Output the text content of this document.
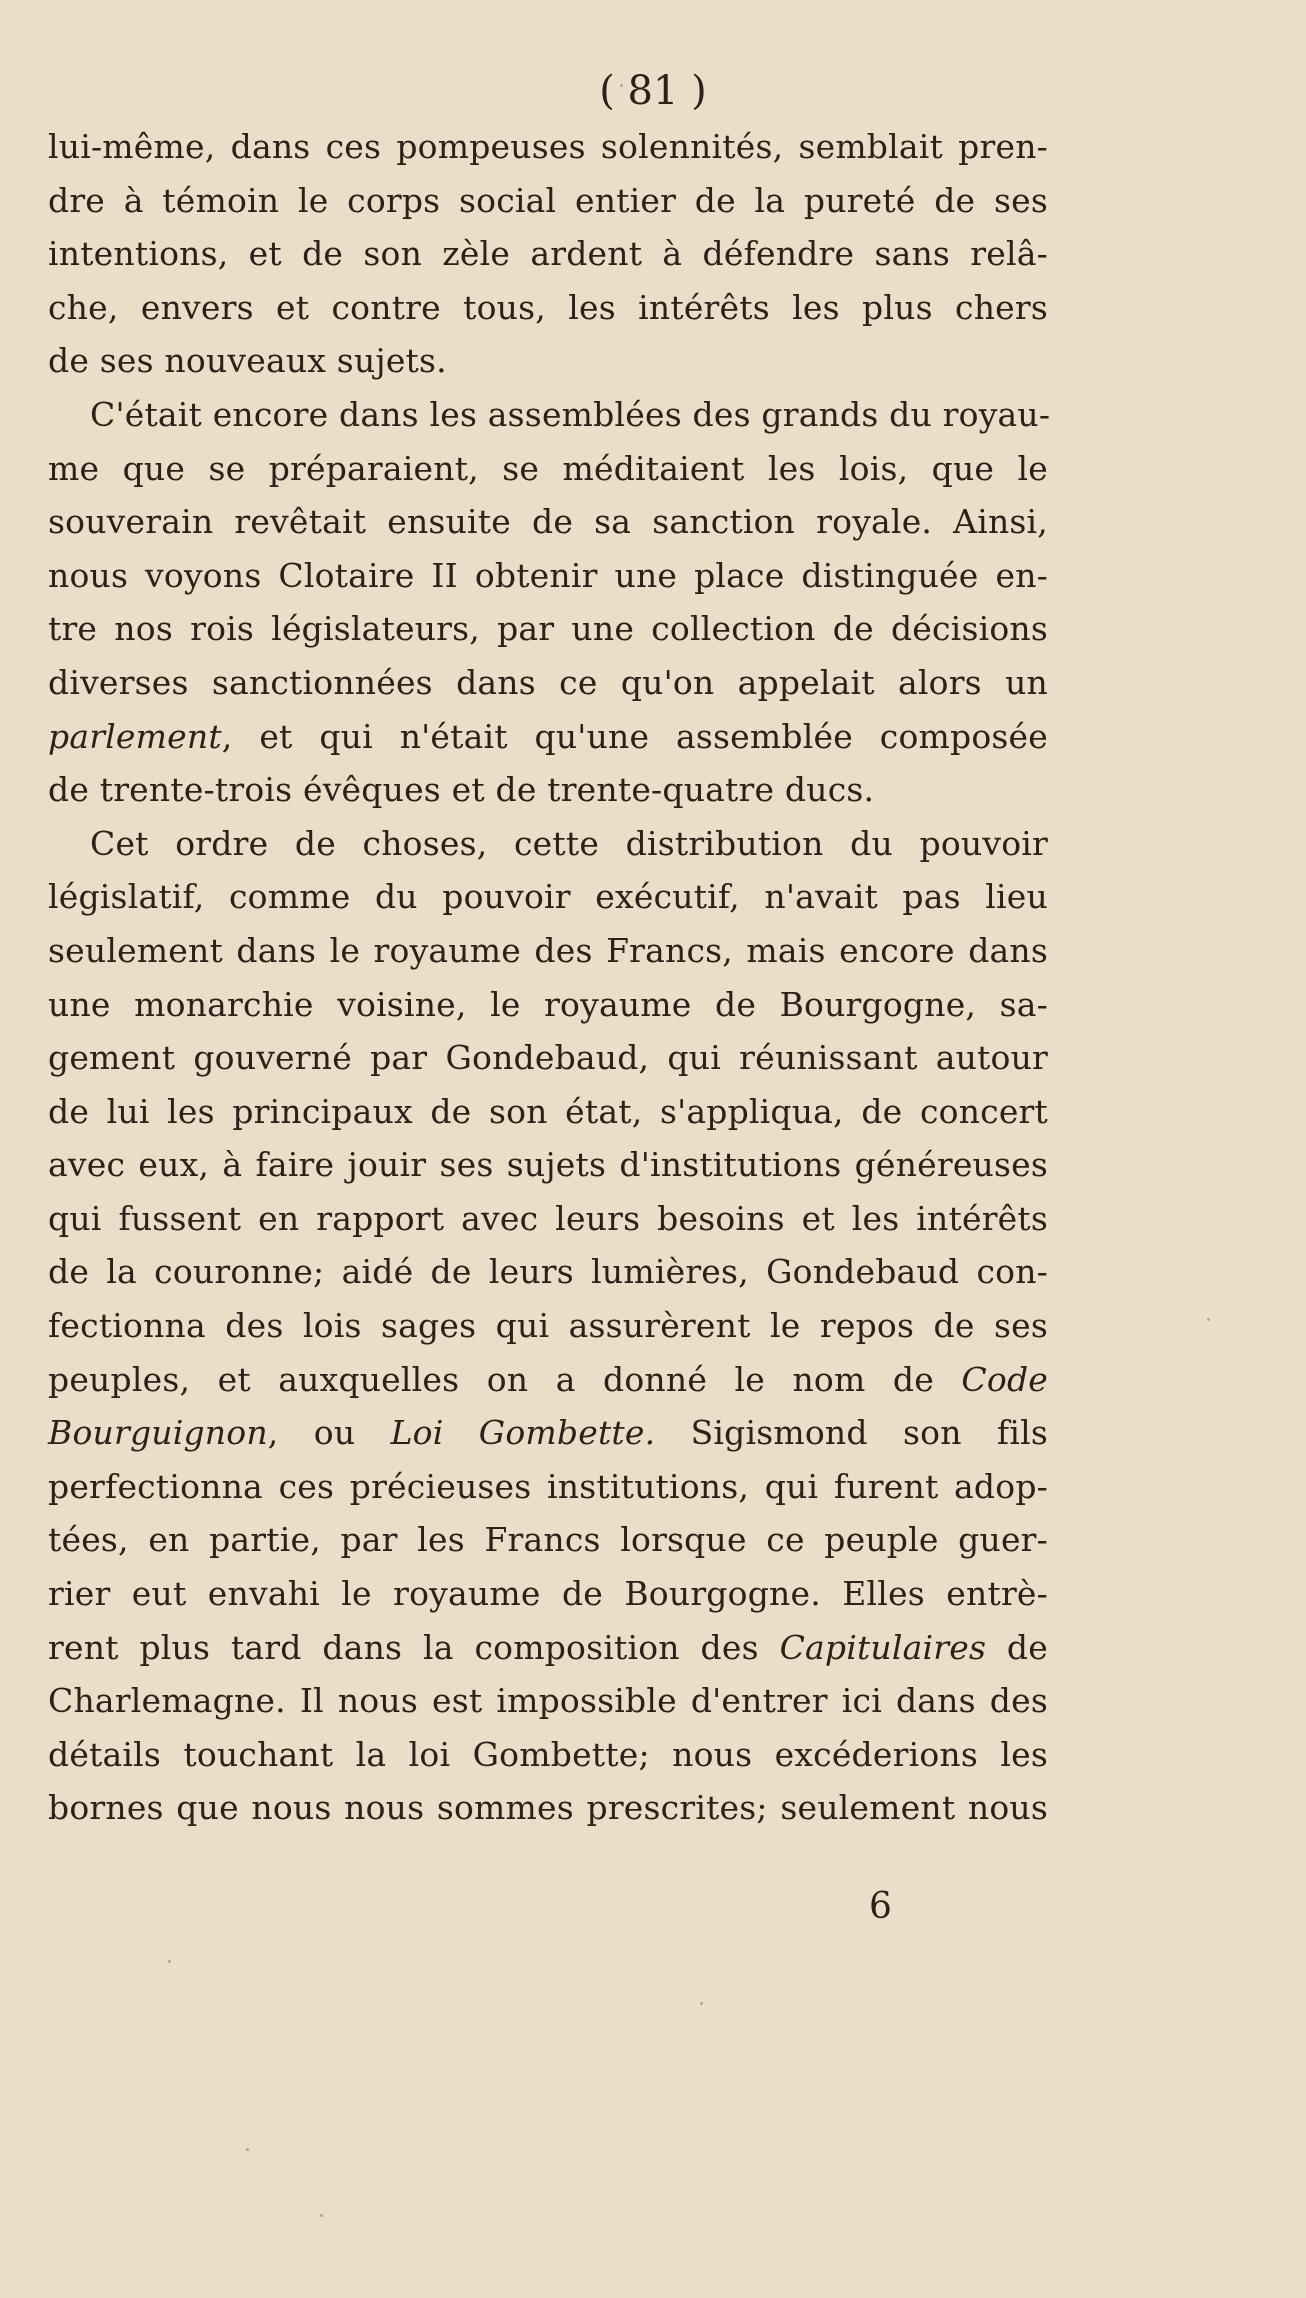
( 81 )
lui-même, dans ces pompeuses solennités, semblait pren-
dre à témoin le corps social entier de la pureté de ses
intentions, et de son zèle ardent à défendre sans relâ-
che, envers et contre tous, les intérêts les plus chers
de ses nouveaux sujets.
C'était encore dans les assemblées des grands du royau-
me que se préparaient, se méditaient les lois, que le
souverain revêtait ensuite de sa sanction royale. Ainsi,
nous voyons Clotaire II obtenir une place distinguée en-
tre nos rois législateurs, par une collection de décisions
diverses sanctionnées dans ce qu'on appelait alors un
parlement, et qui n'était qu'une assemblée composée
de trente-trois évêques et de trente-quatre ducs.
Cet ordre de choses, cette distribution du pouvoir
législatif, comme du pouvoir exécutif, n'avait pas lieu
seulement dans le royaume des Francs, mais encore dans
une monarchie voisine, le royaume de Bourgogne, sa-
gement gouverné par Gondebaud, qui réunissant autour
de lui les principaux de son état, s'appliqua, de concert
avec eux, à faire jouir ses sujets d'institutions généreuses
qui fussent en rapport avec leurs besoins et les intérêts
de la couronne; aidé de leurs lumières, Gondebaud con-
fectionna des lois sages qui assurèrent le repos de ses
peuples, et auxquelles on a donné le nom de Code
Bourguignon, ou Loi Gombette. Sigismond son fils
perfectionna ces précieuses institutions, qui furent adop-
tées, en partie, par les Francs lorsque ce peuple guer-
rier eut envahi le royaume de Bourgogne. Elles entrè-
rent plus tard dans la composition des Capitulaires de
Charlemagne. Il nous est impossible d'entrer ici dans des
détails touchant la loi Gombette; nous excéderions les
bornes que nous nous sommes prescrites; seulement nous
6
